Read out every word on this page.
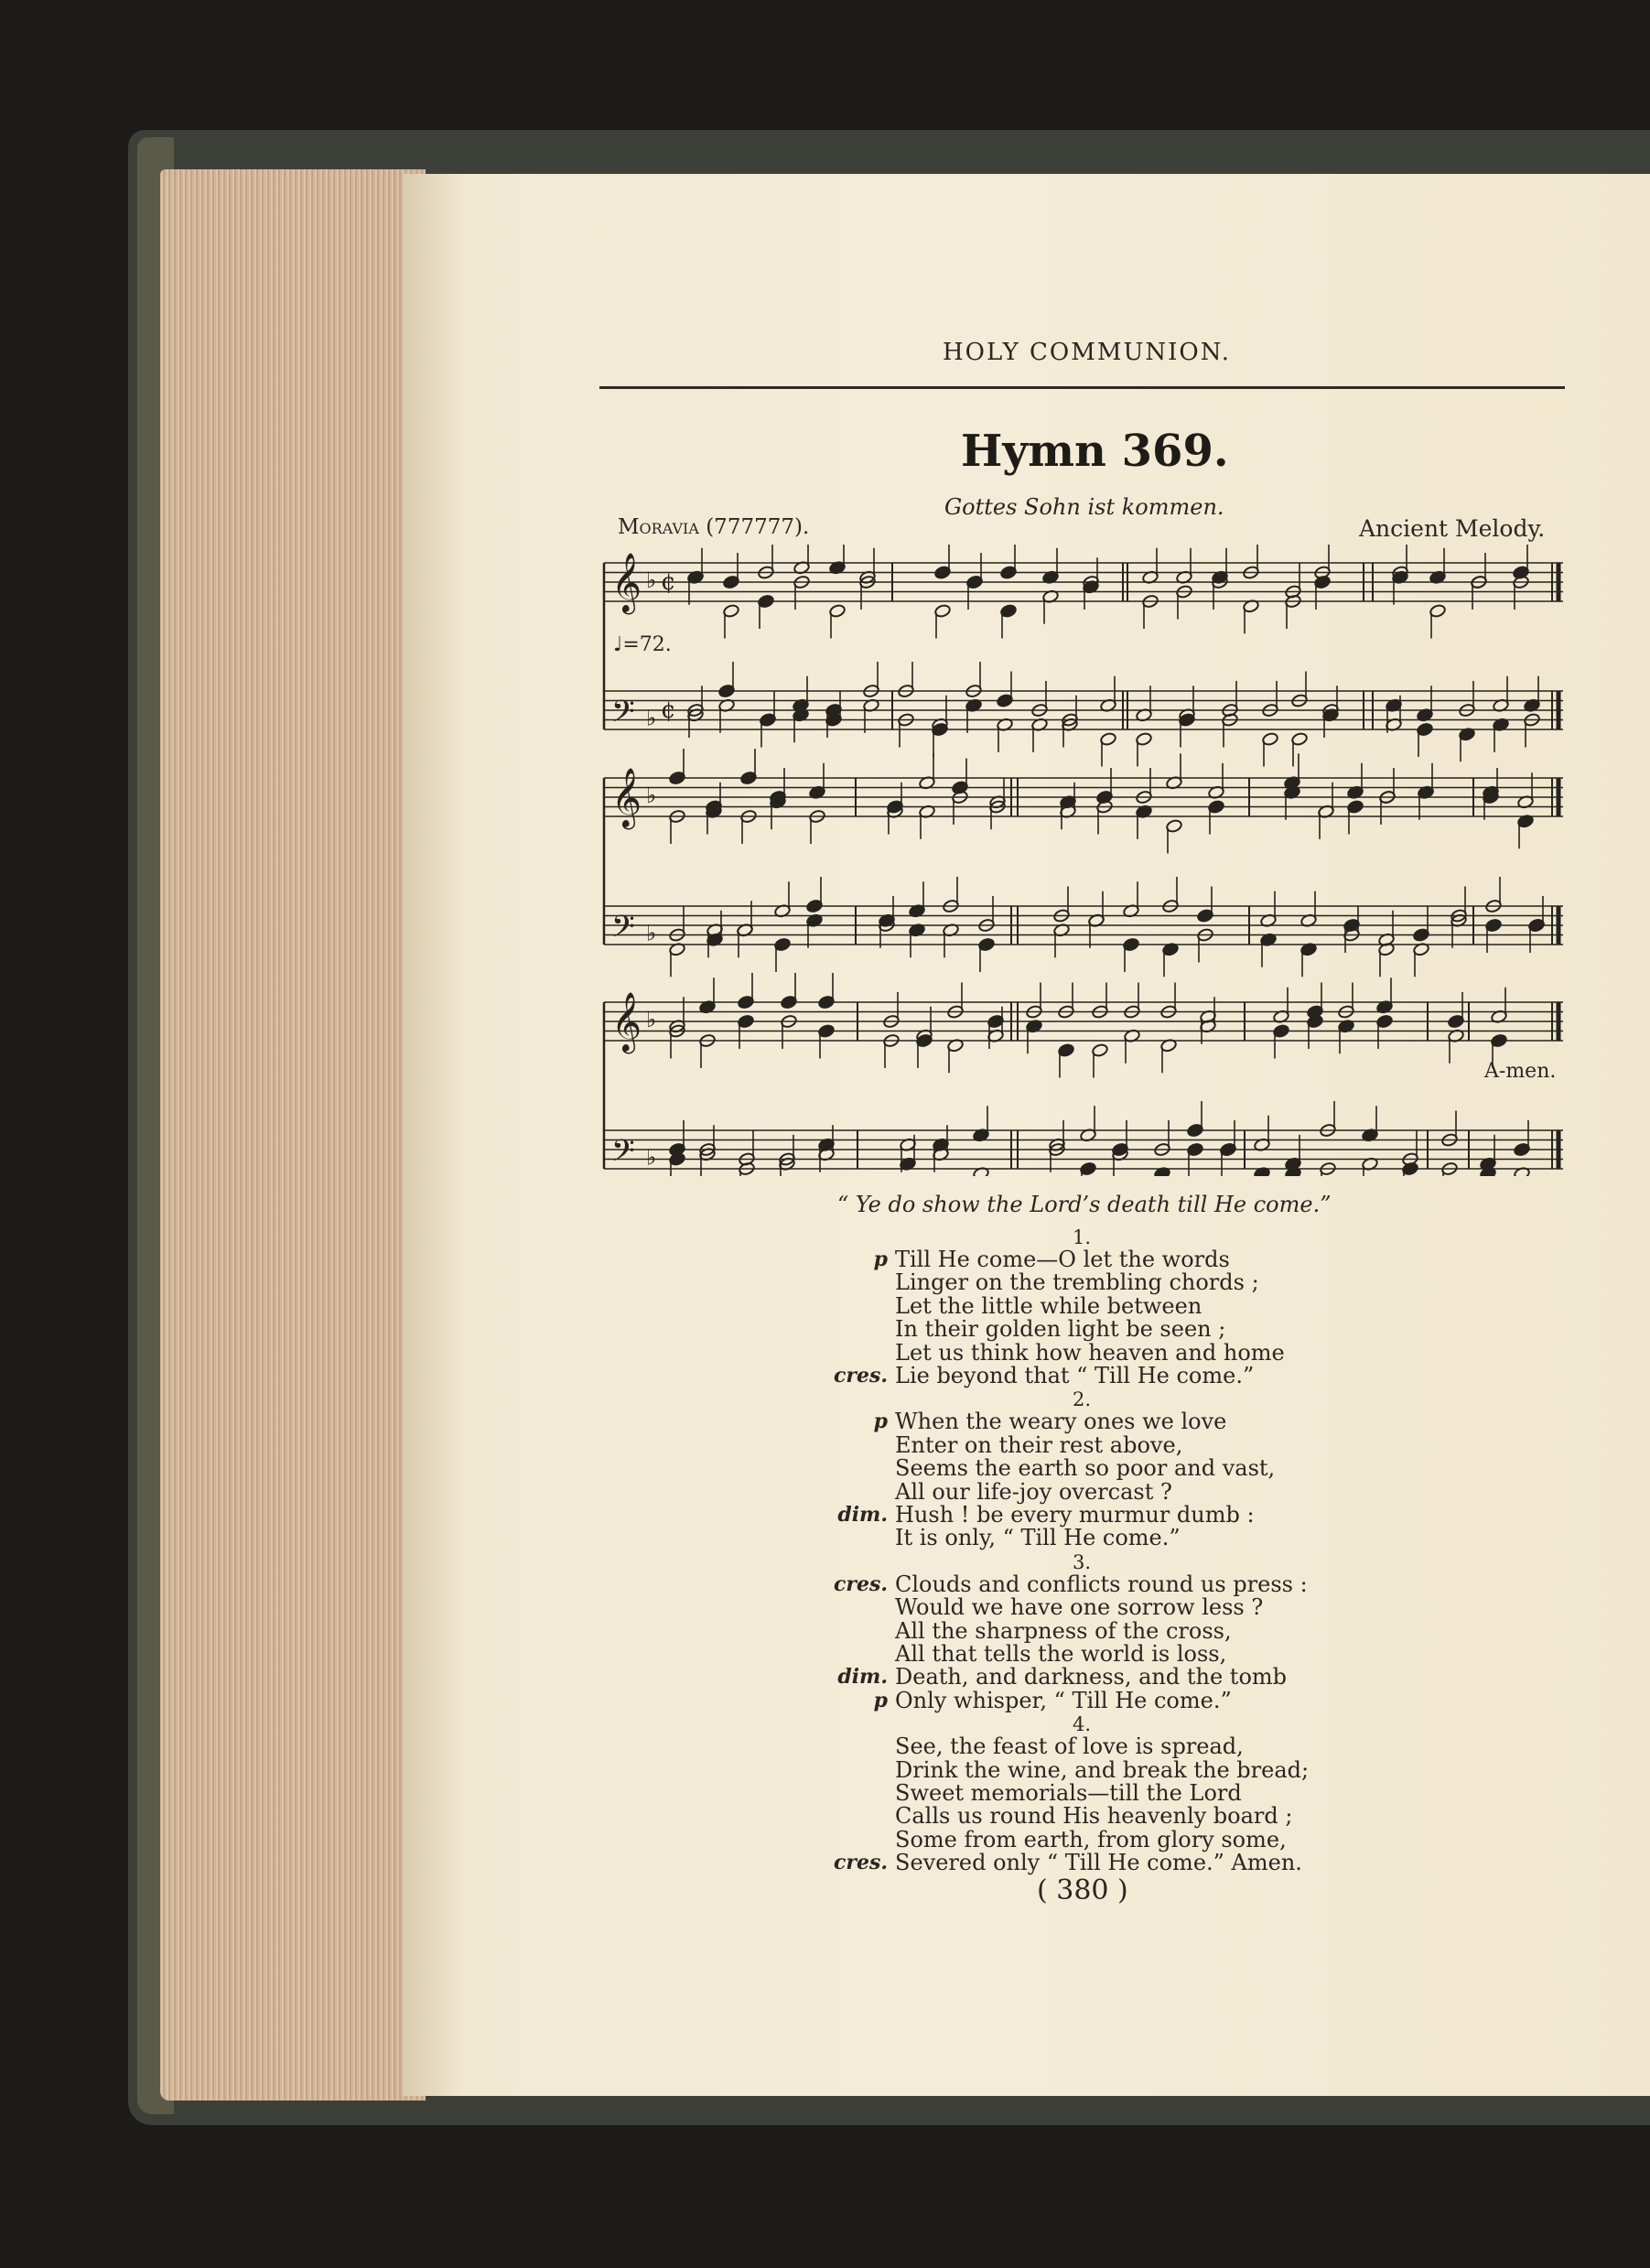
HOLY COMMUNION.
Hymn 369.
Gottes Sohn ist kommen.
Moravia (777777).	Ancient Melody.
𝄞 ♭ ¢
𝄢 ♭ ¢
𝄞 ♭
𝄢 ♭
𝄞 ♭
𝄢 ♭
♩=72.
A-men.
“ Ye do show the Lord’s death till He come.”
1.
p Till He come—O let the words
Linger on the trembling chords ;
Let the little while between
In their golden light be seen ;
Let us think how heaven and home
cres. Lie beyond that “ Till He come.”
2.
p When the weary ones we love
Enter on their rest above,
Seems the earth so poor and vast,
All our life-joy overcast ?
dim. Hush ! be every murmur dumb :
It is only, “ Till He come.”
3.
cres. Clouds and conflicts round us press :
Would we have one sorrow less ?
All the sharpness of the cross,
All that tells the world is loss,
dim. Death, and darkness, and the tomb
p Only whisper, “ Till He come.”
4.
See, the feast of love is spread,
Drink the wine, and break the bread;
Sweet memorials—till the Lord
Calls us round His heavenly board ;
Some from earth, from glory some,
cres. Severed only “ Till He come.” Amen.
( 380 )
